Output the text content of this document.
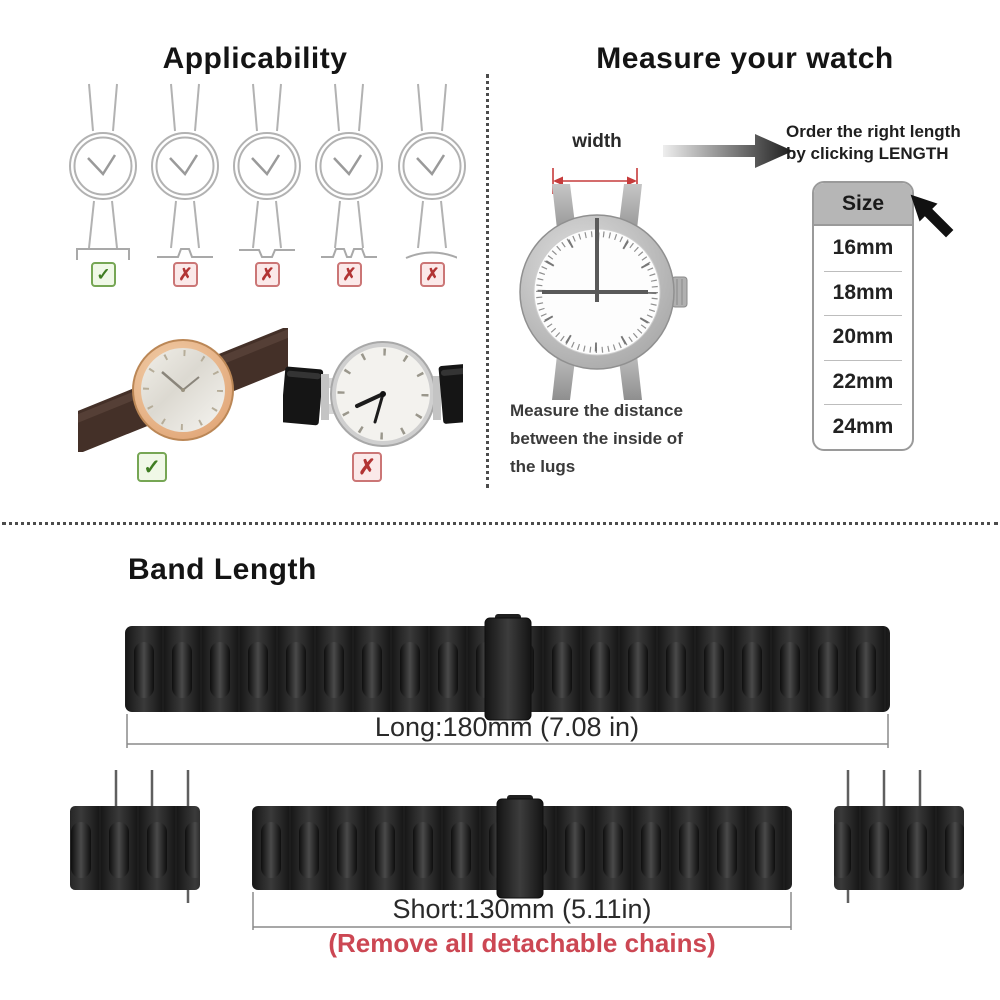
Applicability
✓	✗	✗	✗	✗
✓	✗
Measure your watch
width	Order the right length
by clicking LENGTH
Size
16mm
18mm
20mm
22mm
24mm
Measure the distance
between the inside of
the lugs
Band Length
Long:180mm (7.08 in)
Short:130mm (5.11in)
(Remove all detachable chains)
